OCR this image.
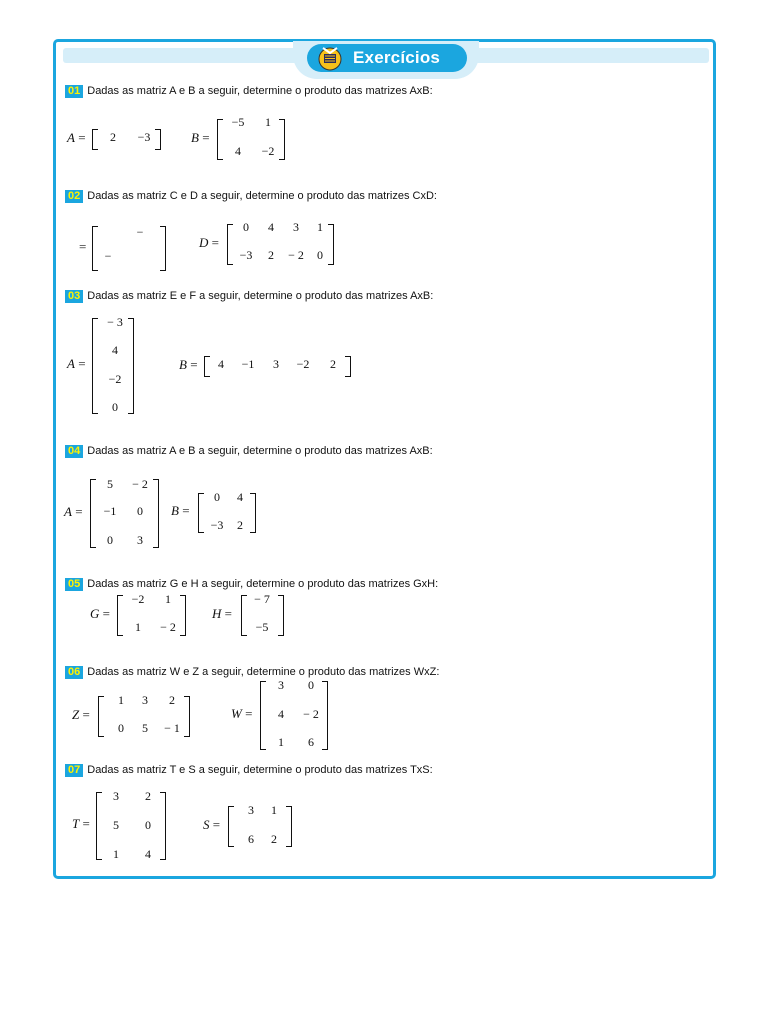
Exercícios
01 Dadas as matriz A e B a seguir, determine o produto das matrizes AxB:
02 Dadas as matriz C e D a seguir, determine o produto das matrizes CxD:
03 Dadas as matriz E e F a seguir, determine o produto das matrizes AxB:
04 Dadas as matriz A e B a seguir, determine o produto das matrizes AxB:
05 Dadas as matriz G e H a seguir, determine o produto das matrizes GxH:
06 Dadas as matriz W e Z a seguir, determine o produto das matrizes WxZ:
07 Dadas as matriz T e S a seguir, determine o produto das matrizes TxS:
A = 2 −3	B =
−5 1
4 −2
=
−
−
D =
0 4 3 1
−3 2 − 2 0
A =
− 3
4
−2
0
B = 4 −1 3 −2 2
A =
5 − 2
−1 0
0 3
B =
0 4
−3 2
G =
−2 1
1 − 2
H =
− 7
−5
Z =
1 3 2
0 5 − 1
W =
3 0
4 − 2
1 6
T =
3 2
5 0
1 4
S =
3 1
6 2
